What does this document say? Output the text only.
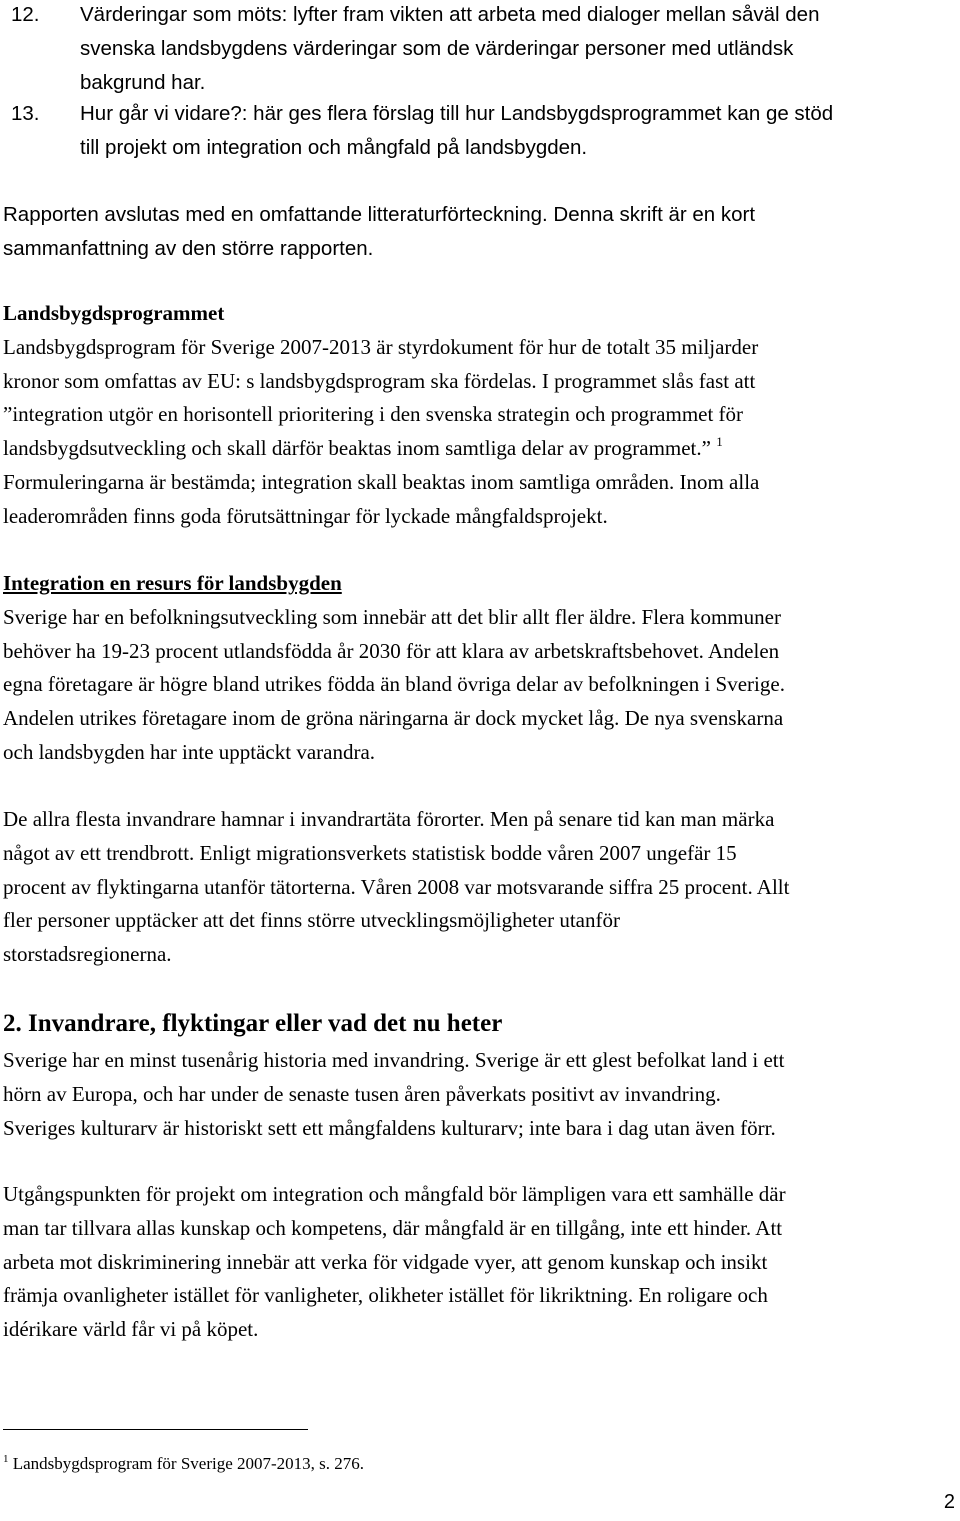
12. Värderingar som möts: lyfter fram vikten att arbeta med dialoger mellan såväl den
svenska landsbygdens värderingar som de värderingar personer med utländsk
bakgrund har.
13. Hur går vi vidare?: här ges flera förslag till hur Landsbygdsprogrammet kan ge stöd
till projekt om integration och mångfald på landsbygden.
Rapporten avslutas med en omfattande litteraturförteckning. Denna skrift är en kort
sammanfattning av den större rapporten.
Landsbygdsprogrammet
Landsbygdsprogram för Sverige 2007-2013 är styrdokument för hur de totalt 35 miljarder
kronor som omfattas av EU: s landsbygdsprogram ska fördelas. I programmet slås fast att
”integration utgör en horisontell prioritering i den svenska strategin och programmet för
landsbygdsutveckling och skall därför beaktas inom samtliga delar av programmet.” $^1$
Formuleringarna är bestämda; integration skall beaktas inom samtliga områden. Inom alla
leaderområden finns goda förutsättningar för lyckade mångfaldsprojekt.
Integration en resurs för landsbygden
Sverige har en befolkningsutveckling som innebär att det blir allt fler äldre. Flera kommuner
behöver ha 19-23 procent utlandsfödda år 2030 för att klara av arbetskraftsbehovet. Andelen
egna företagare är högre bland utrikes födda än bland övriga delar av befolkningen i Sverige.
Andelen utrikes företagare inom de gröna näringarna är dock mycket låg. De nya svenskarna
och landsbygden har inte upptäckt varandra.
De allra flesta invandrare hamnar i invandrartäta förorter. Men på senare tid kan man märka
något av ett trendbrott. Enligt migrationsverkets statistisk bodde våren 2007 ungefär 15
procent av flyktingarna utanför tätorterna. Våren 2008 var motsvarande siffra 25 procent. Allt
fler personer upptäcker att det finns större utvecklingsmöjligheter utanför
storstadsregionerna.
2. Invandrare, flyktingar eller vad det nu heter
Sverige har en minst tusenårig historia med invandring. Sverige är ett glest befolkat land i ett
hörn av Europa, och har under de senaste tusen åren påverkats positivt av invandring.
Sveriges kulturarv är historiskt sett ett mångfaldens kulturarv; inte bara i dag utan även förr.
Utgångspunkten för projekt om integration och mångfald bör lämpligen vara ett samhälle där
man tar tillvara allas kunskap och kompetens, där mångfald är en tillgång, inte ett hinder. Att
arbeta mot diskriminering innebär att verka för vidgade vyer, att genom kunskap och insikt
främja ovanligheter istället för vanligheter, olikheter istället för likriktning. En roligare och
idérikare värld får vi på köpet.
$^1$ Landsbygdsprogram för Sverige 2007-2013, s. 276.
2
